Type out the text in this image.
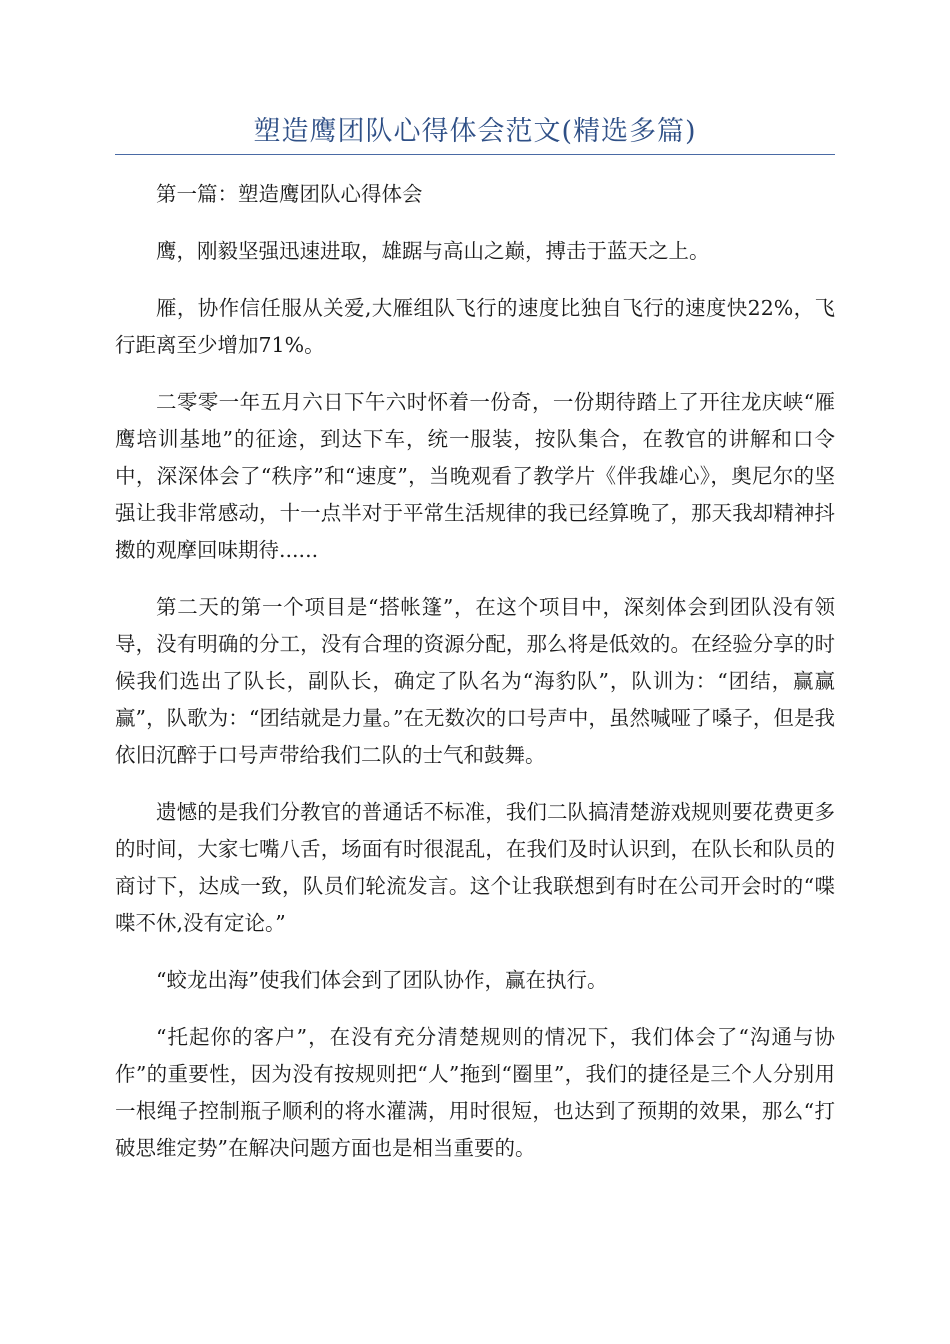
塑造鹰团队心得体会范文(精选多篇)

第一篇：塑造鹰团队心得体会

鹰，刚毅坚强迅速进取，雄踞与高山之巅，搏击于蓝天之上。

雁，协作信任服从关爱,大雁组队飞行的速度比独自飞行的速度快22%，飞行距离至少增加71%。

二零零一年五月六日下午六时怀着一份奇，一份期待踏上了开往龙庆峡“雁鹰培训基地”的征途，到达下车，统一服装，按队集合，在教官的讲解和口令中，深深体会了“秩序”和“速度”，当晚观看了教学片《伴我雄心》，奥尼尔的坚强让我非常感动，十一点半对于平常生活规律的我已经算晚了，那天我却精神抖擞的观摩回味期待......

第二天的第一个项目是“搭帐篷”，在这个项目中，深刻体会到团队没有领导，没有明确的分工，没有合理的资源分配，那么将是低效的。在经验分享的时候我们选出了队长，副队长，确定了队名为“海豹队”，队训为：“团结，赢赢赢”，队歌为：“团结就是力量。”在无数次的口号声中，虽然喊哑了嗓子，但是我依旧沉醉于口号声带给我们二队的士气和鼓舞。

遗憾的是我们分教官的普通话不标准，我们二队搞清楚游戏规则要花费更多的时间，大家七嘴八舌，场面有时很混乱，在我们及时认识到，在队长和队员的商讨下，达成一致，队员们轮流发言。这个让我联想到有时在公司开会时的“喋喋不休,没有定论。”

“蛟龙出海”使我们体会到了团队协作，赢在执行。

“托起你的客户”，在没有充分清楚规则的情况下，我们体会了“沟通与协作”的重要性，因为没有按规则把“人”拖到“圈里”，我们的捷径是三个人分别用一根绳子控制瓶子顺利的将水灌满，用时很短，也达到了预期的效果，那么“打破思维定势”在解决问题方面也是相当重要的。
